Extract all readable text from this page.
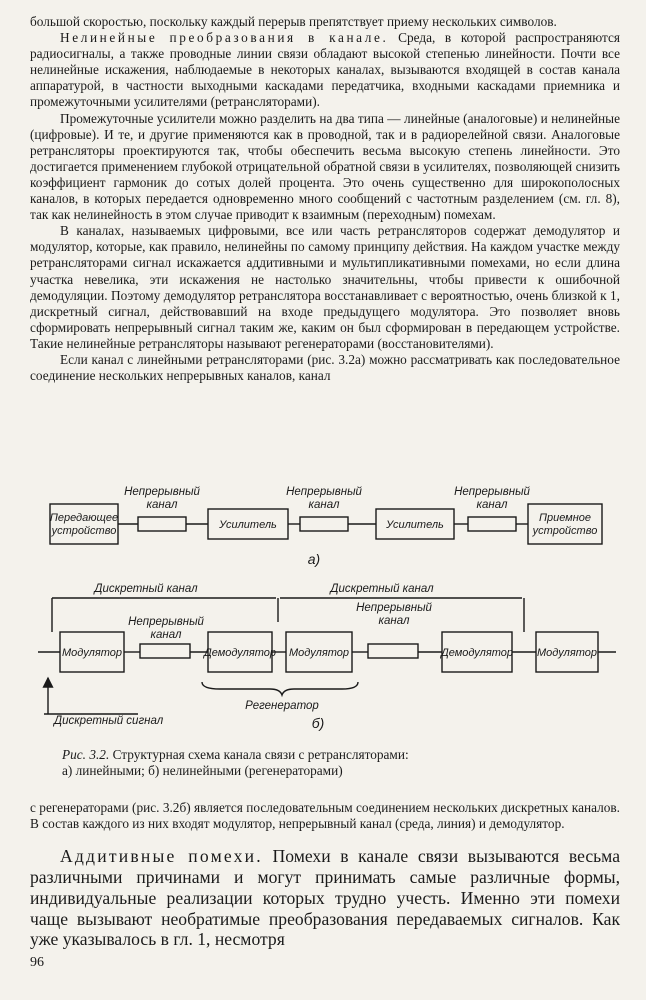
большой скоростью, поскольку каждый перерыв препятствует приему нескольких символов.

Нелинейные преобразования в канале. Среда, в которой распространяются радиосигналы, а также проводные линии связи обладают высокой степенью линейности. Почти все нелинейные искажения, наблюдаемые в некоторых каналах, вызываются входящей в состав канала аппаратурой, в частности выходными каскадами передатчика, входными каскадами приемника и промежуточными усилителями (ретрансляторами).

Промежуточные усилители можно разделить на два типа — линейные (аналоговые) и нелинейные (цифровые). И те, и другие применяются как в проводной, так и в радиорелейной связи. Аналоговые ретрансляторы проектируются так, чтобы обеспечить весьма высокую степень линейности. Это достигается применением глубокой отрицательной обратной связи в усилителях, позволяющей снизить коэффициент гармоник до сотых долей процента. Это очень существенно для широкополосных каналов, в которых передается одновременно много сообщений с частотным разделением (см. гл. 8), так как нелинейность в этом случае приводит к взаимным (переходным) помехам.

В каналах, называемых цифровыми, все или часть ретрансляторов содержат демодулятор и модулятор, которые, как правило, нелинейны по самому принципу действия. На каждом участке между ретрансляторами сигнал искажается аддитивными и мультипликативными помехами, но если длина участка невелика, эти искажения не настолько значительны, чтобы привести к ошибочной демодуляции. Поэтому демодулятор ретранслятора восстанавливает с вероятностью, очень близкой к 1, дискретный сигнал, действовавший на входе предыдущего модулятора. Это позволяет вновь сформировать непрерывный сигнал таким же, каким он был сформирован в передающем устройстве. Такие нелинейные ретрансляторы называют регенераторами (восстановителями).

Если канал с линейными ретрансляторами (рис. 3.2а) можно рассматривать как последовательное соединение нескольких непрерывных каналов, канал

Непрерывный
канал
Непрерывный
канал
Непрерывный
канал
а)
Дискретный канал	Дискретный канал
Непрерывный
канал
Непрерывный
канал
Регенератор
Дискретный сигнал	б)
Передающее
устройство	Усилитель	Усилитель
Приемное
устройство
Модулятор	Демодулятор Модулятор	Демодулятор Модулятор
Рис. 3.2. Структурная схема канала связи с ретрансляторами:
а) линейными; б) нелинейными (регенераторами)

с регенераторами (рис. 3.2б) является последовательным соединением нескольких дискретных каналов. В состав каждого из них входят модулятор, непрерывный канал (среда, линия) и демодулятор.

Аддитивные помехи. Помехи в канале связи вызываются весьма различными причинами и могут принимать самые различные формы, индивидуальные реализации которых трудно учесть. Именно эти помехи чаще вызывают необратимые преобразования передаваемых сигналов. Как уже указывалось в гл. 1, несмотря

96
